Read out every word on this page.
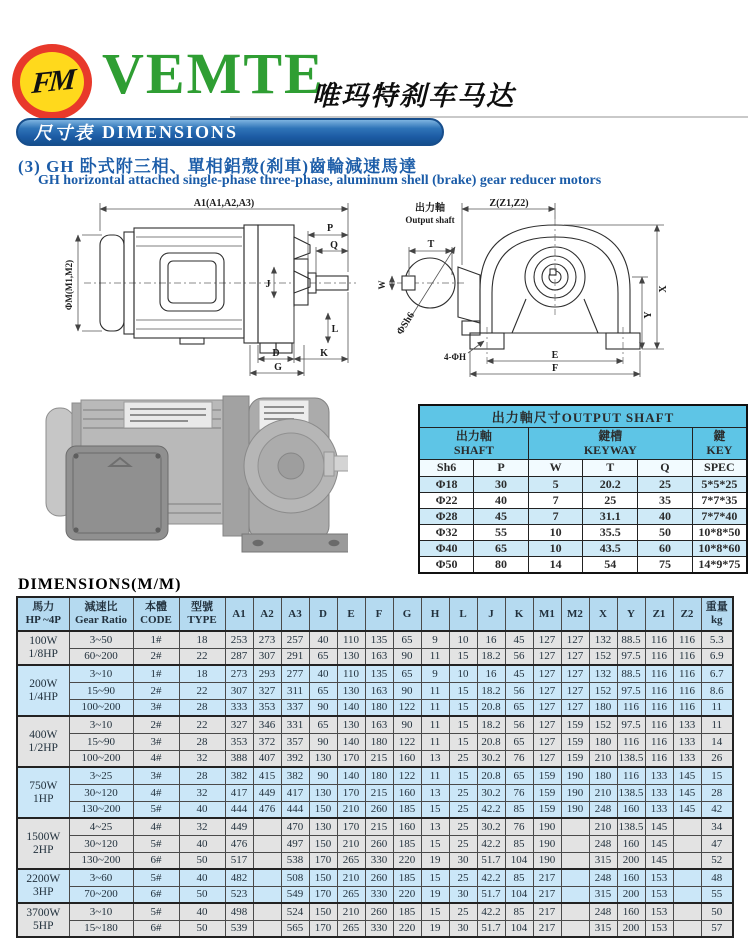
FM VEMTE
唯玛特刹车马达
尺寸表 DIMENSIONS
(3) GH 卧式附三相、單相鋁殼(刹車)齒輪減速馬達
GH horizontal attached single-phase three-phase, aluminum shell (brake) gear reducer motors
A1(A1,A2,A3)
P
Q
J
ΦM(M1,M2)
L
D	K
G
出力軸
Output shaft
T
W
ΦSh6
Z(Z1,Z2)
X
Y
E
F
4-ΦH
出力軸尺寸OUTPUT SHAFT					

出力軸
SHAFT

鍵槽
KEYWAY

鍵
KEY

Sh6	P	W	T	Q	SPEC
Φ18	30	5	20.2	25	5*5*25
Φ22	40	7	25	35	7*7*35
Φ28	45	7	31.1	40	7*7*40
Φ32	55	10	35.5	50	10*8*50
Φ40	65	10	43.5	60	10*8*60
Φ50	80	14	54	75	14*9*75
DIMENSIONS(M/M)
馬力
HP ~4P

減速比
Gear Ratio

本體
CODE

型號
TYPE
	A1	A2	A3	D	E	F	G	H	L	J	K	M1	M2	X	Y	Z1	Z2	
重量
kg

100W
1/8HP	3~50	1#	18	253	273	257	40	110	135	65	9	10	16	45	127	127	132	88.5	116	116	5.3
	60~200	2#	22	287	307	291	65	130	163	90	11	15	18.2	56	127	127	152	97.5	116	116	6.9

200W
1/4HP	3~10	1#	18	273	293	277	40	110	135	65	9	10	16	45	127	127	132	88.5	116	116	6.7
	15~90	2#	22	307	327	311	65	130	163	90	11	15	18.2	56	127	127	152	97.5	116	116	8.6
	100~200	3#	28	333	353	337	90	140	180	122	11	15	20.8	65	127	127	180	116	116	116	11

400W
1/2HP	3~10	2#	22	327	346	331	65	130	163	90	11	15	18.2	56	127	159	152	97.5	116	133	11
	15~90	3#	28	353	372	357	90	140	180	122	11	15	20.8	65	127	159	180	116	116	133	14
	100~200	4#	32	388	407	392	130	170	215	160	13	25	30.2	76	127	159	210	138.5	116	133	26

750W
1HP	3~25	3#	28	382	415	382	90	140	180	122	11	15	20.8	65	159	190	180	116	133	145	15
	30~120	4#	32	417	449	417	130	170	215	160	13	25	30.2	76	159	190	210	138.5	133	145	28
	130~200	5#	40	444	476	444	150	210	260	185	15	25	42.2	85	159	190	248	160	133	145	42

1500W
2HP	4~25	4#	32	449		470	130	170	215	160	13	25	30.2	76	190		210	138.5	145		34
	30~120	5#	40	476		497	150	210	260	185	15	25	42.2	85	190		248	160	145		47
	130~200	6#	50	517		538	170	265	330	220	19	30	51.7	104	190		315	200	145		52

2200W
3HP	3~60	5#	40	482		508	150	210	260	185	15	25	42.2	85	217		248	160	153		48
	70~200	6#	50	523		549	170	265	330	220	19	30	51.7	104	217		315	200	153		55

3700W
5HP	3~10	5#	40	498		524	150	210	260	185	15	25	42.2	85	217		248	160	153		50
	15~180	6#	50	539		565	170	265	330	220	19	30	51.7	104	217		315	200	153		57
